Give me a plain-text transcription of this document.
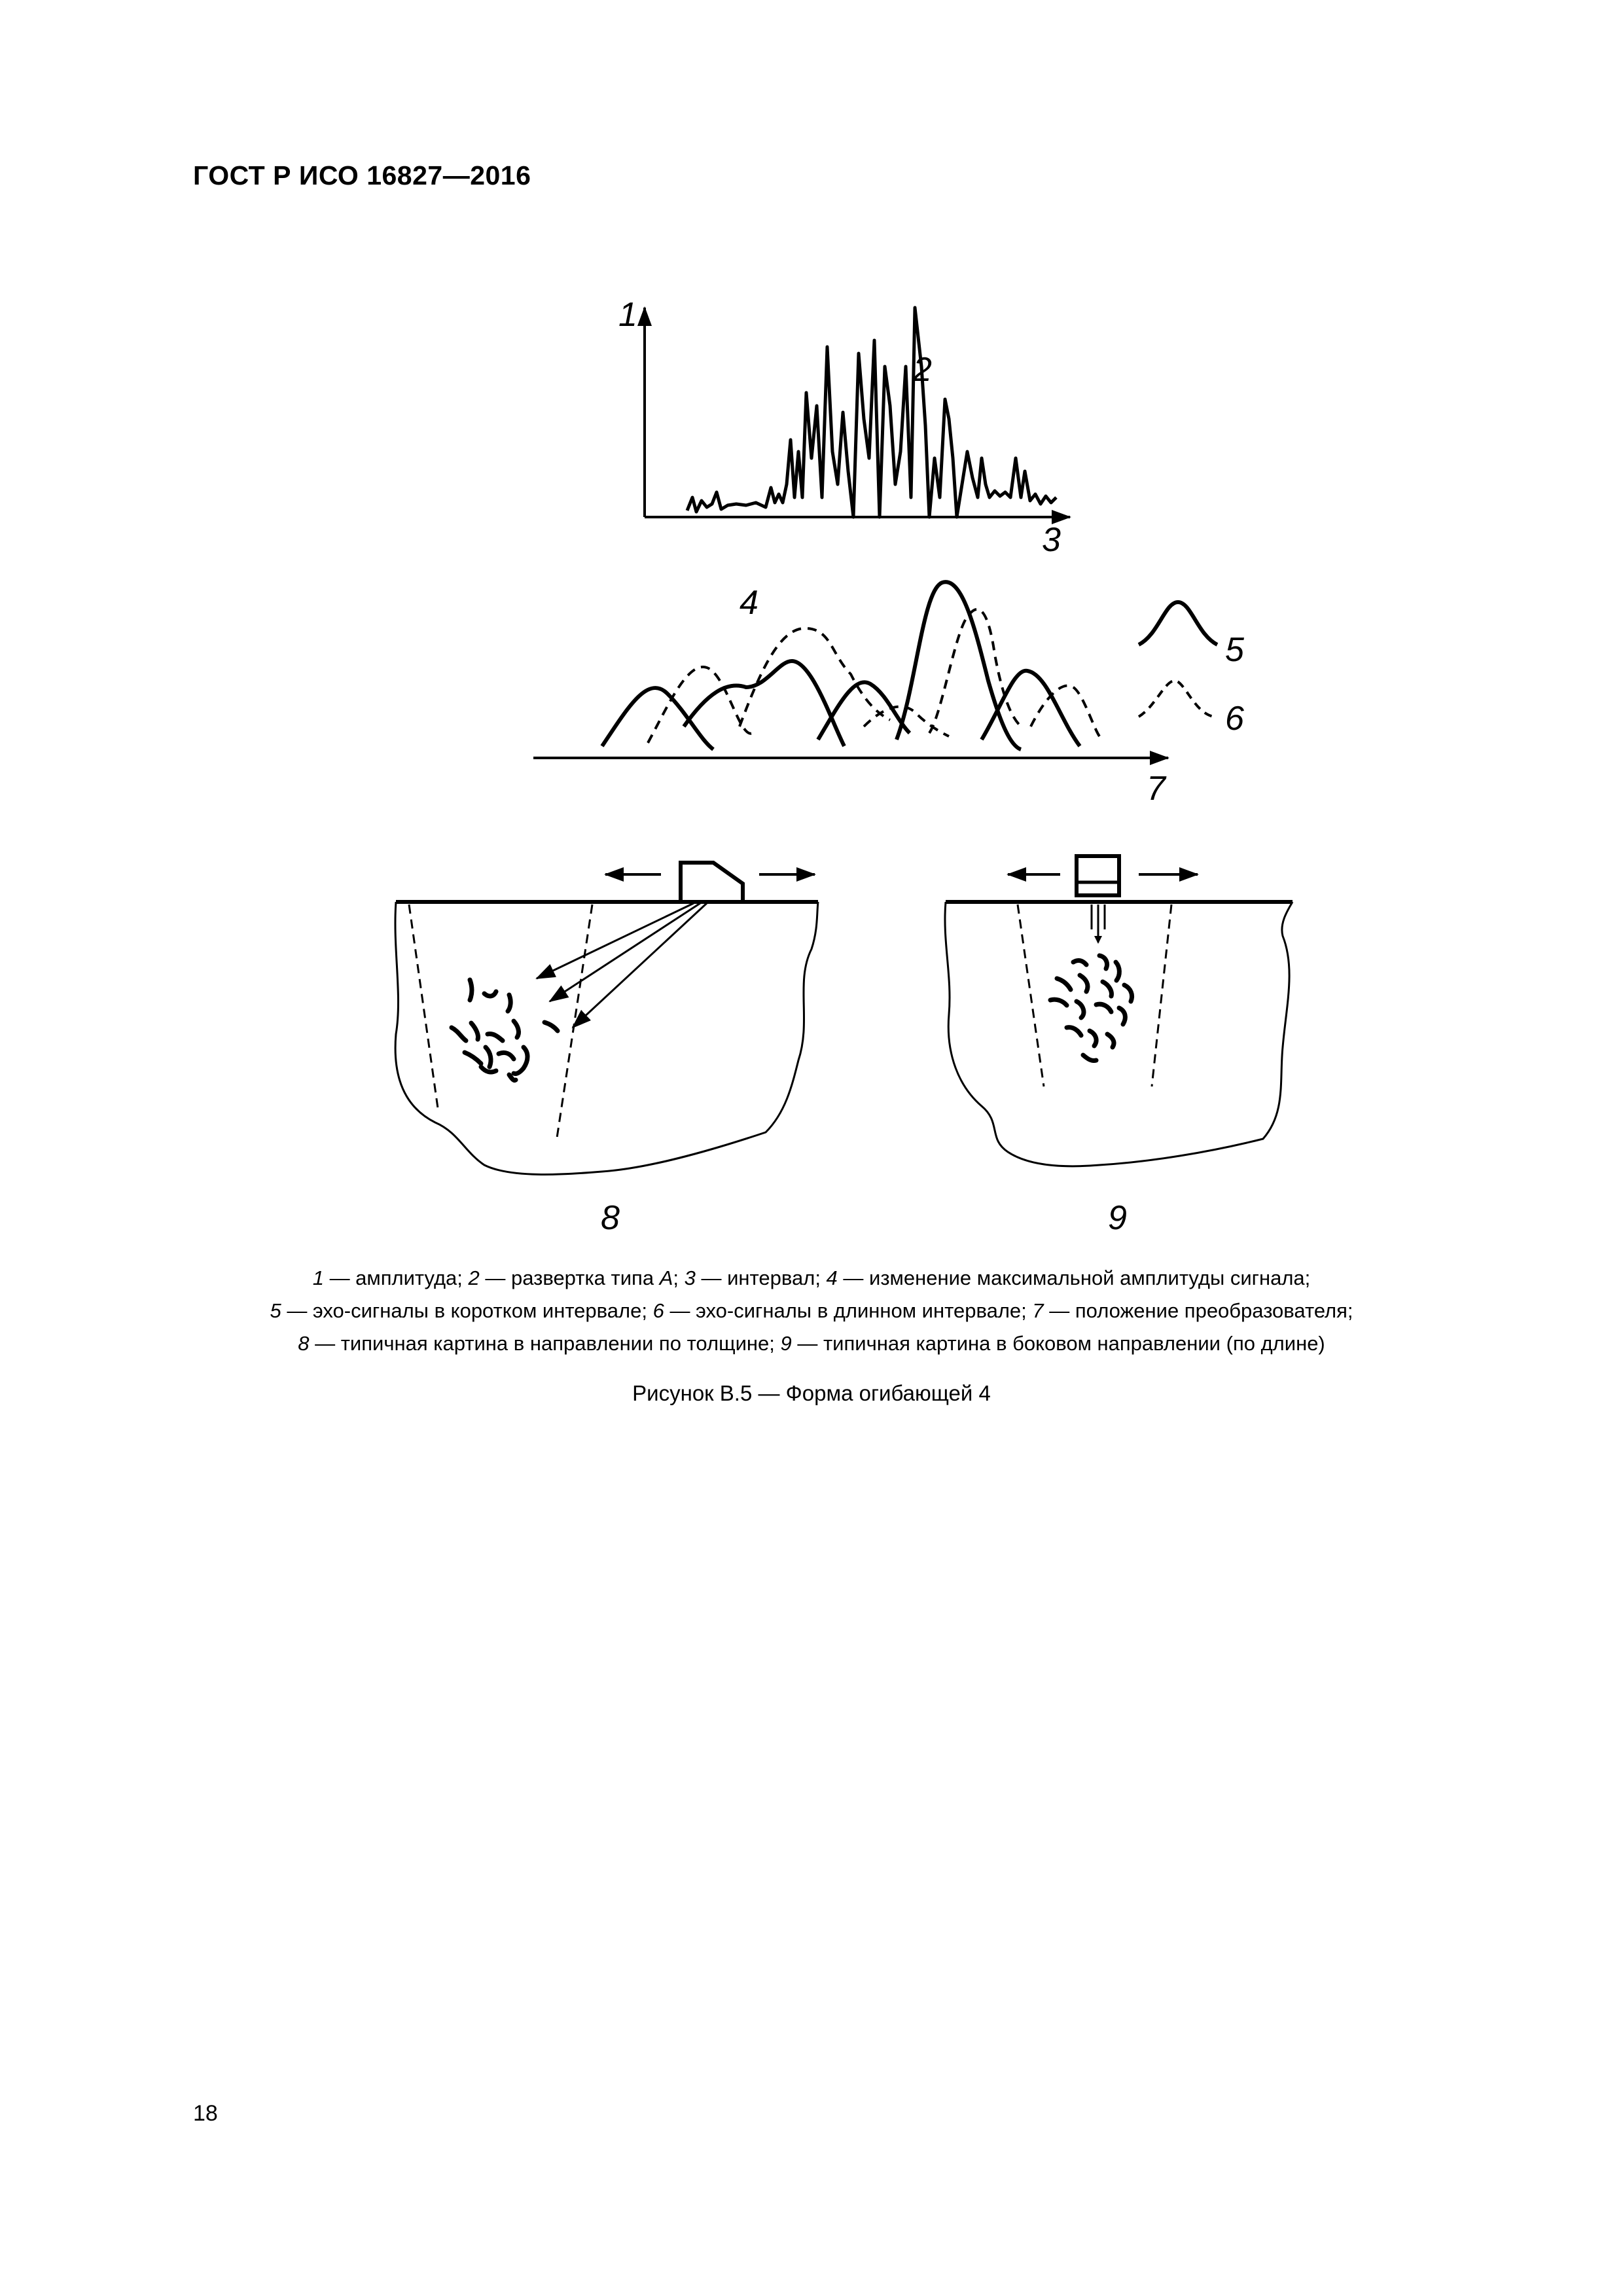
ГОСТ Р ИСО 16827—2016
1
2
3
4
5
6
7
8	9
1 — амплитуда; 2 — развертка типа A; 3 — интервал; 4 — изменение максимальной амплитуды сигнала;
5 — эхо-сигналы в коротком интервале; 6 — эхо-сигналы в длинном интервале; 7 — положение преобразователя;
8 — типичная картина в направлении по толщине; 9 — типичная картина в боковом направлении (по длине)
Рисунок В.5 — Форма огибающей 4
18
